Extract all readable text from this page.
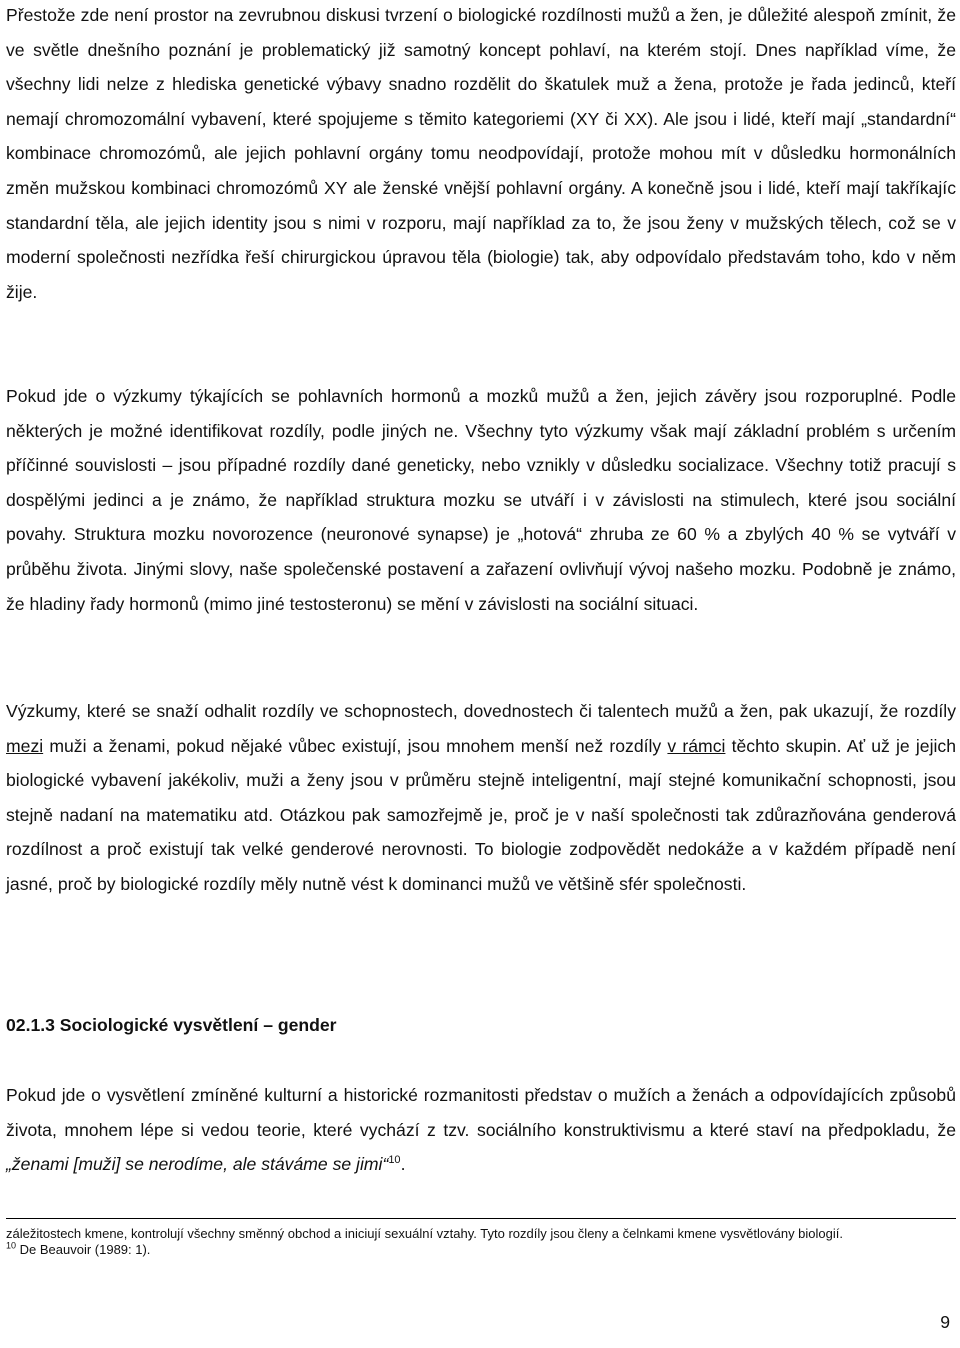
Přestože zde není prostor na zevrubnou diskusi tvrzení o biologické rozdílnosti mužů a žen, je důležité alespoň zmínit, že ve světle dnešního poznání je problematický již samotný koncept pohlaví, na kterém stojí. Dnes například víme, že všechny lidi nelze z hlediska genetické výbavy snadno rozdělit do škatulek muž a žena, protože je řada jedinců, kteří nemají chromozomální vybavení, které spojujeme s těmito kategoriemi (XY či XX). Ale jsou i lidé, kteří mají „standardní“ kombinace chromozómů, ale jejich pohlavní orgány tomu neodpovídají, protože mohou mít v důsledku hormonálních změn mužskou kombinaci chromozómů XY ale ženské vnější pohlavní orgány. A konečně jsou i lidé, kteří mají takříkajíc standardní těla, ale jejich identity jsou s nimi v rozporu, mají například za to, že jsou ženy v mužských tělech, což se v moderní společnosti nezřídka řeší chirurgickou úpravou těla (biologie) tak, aby odpovídalo představám toho, kdo v něm žije.

Pokud jde o výzkumy týkajících se pohlavních hormonů a mozků mužů a žen, jejich závěry jsou rozporuplné. Podle některých je možné identifikovat rozdíly, podle jiných ne. Všechny tyto výzkumy však mají základní problém s určením příčinné souvislosti – jsou případné rozdíly dané geneticky, nebo vznikly v důsledku socializace. Všechny totiž pracují s dospělými jedinci a je známo, že například struktura mozku se utváří i v závislosti na stimulech, které jsou sociální povahy. Struktura mozku novorozence (neuronové synapse) je „hotová“ zhruba ze 60 % a zbylých 40 % se vytváří v průběhu života. Jinými slovy, naše společenské postavení a zařazení ovlivňují vývoj našeho mozku. Podobně je známo, že hladiny řady hormonů (mimo jiné testosteronu) se mění v závislosti na sociální situaci.

Výzkumy, které se snaží odhalit rozdíly ve schopnostech, dovednostech či talentech mužů a žen, pak ukazují, že rozdíly mezi muži a ženami, pokud nějaké vůbec existují, jsou mnohem menší než rozdíly v rámci těchto skupin. Ať už je jejich biologické vybavení jakékoliv, muži a ženy jsou v průměru stejně inteligentní, mají stejné komunikační schopnosti, jsou stejně nadaní na matematiku atd. Otázkou pak samozřejmě je, proč je v naší společnosti tak zdůrazňována genderová rozdílnost a proč existují tak velké genderové nerovnosti. To biologie zodpovědět nedokáže a v každém případě není jasné, proč by biologické rozdíly měly nutně vést k dominanci mužů ve většině sfér společnosti.

02.1.3 Sociologické vysvětlení – gender

Pokud jde o vysvětlení zmíněné kulturní a historické rozmanitosti představ o mužích a ženách a odpovídajících způsobů života, mnohem lépe si vedou teorie, které vychází z tzv. sociálního konstruktivismu a které staví na předpokladu, že „ženami [muži] se nerodíme, ale stáváme se jimi“$^{10}$.

záležitostech kmene, kontrolují všechny směnný obchod a iniciují sexuální vztahy. Tyto rozdíly jsou členy a čelnkami kmene vysvětlovány biologií.

$^{10}$ De Beauvoir (1989: 1).

9
